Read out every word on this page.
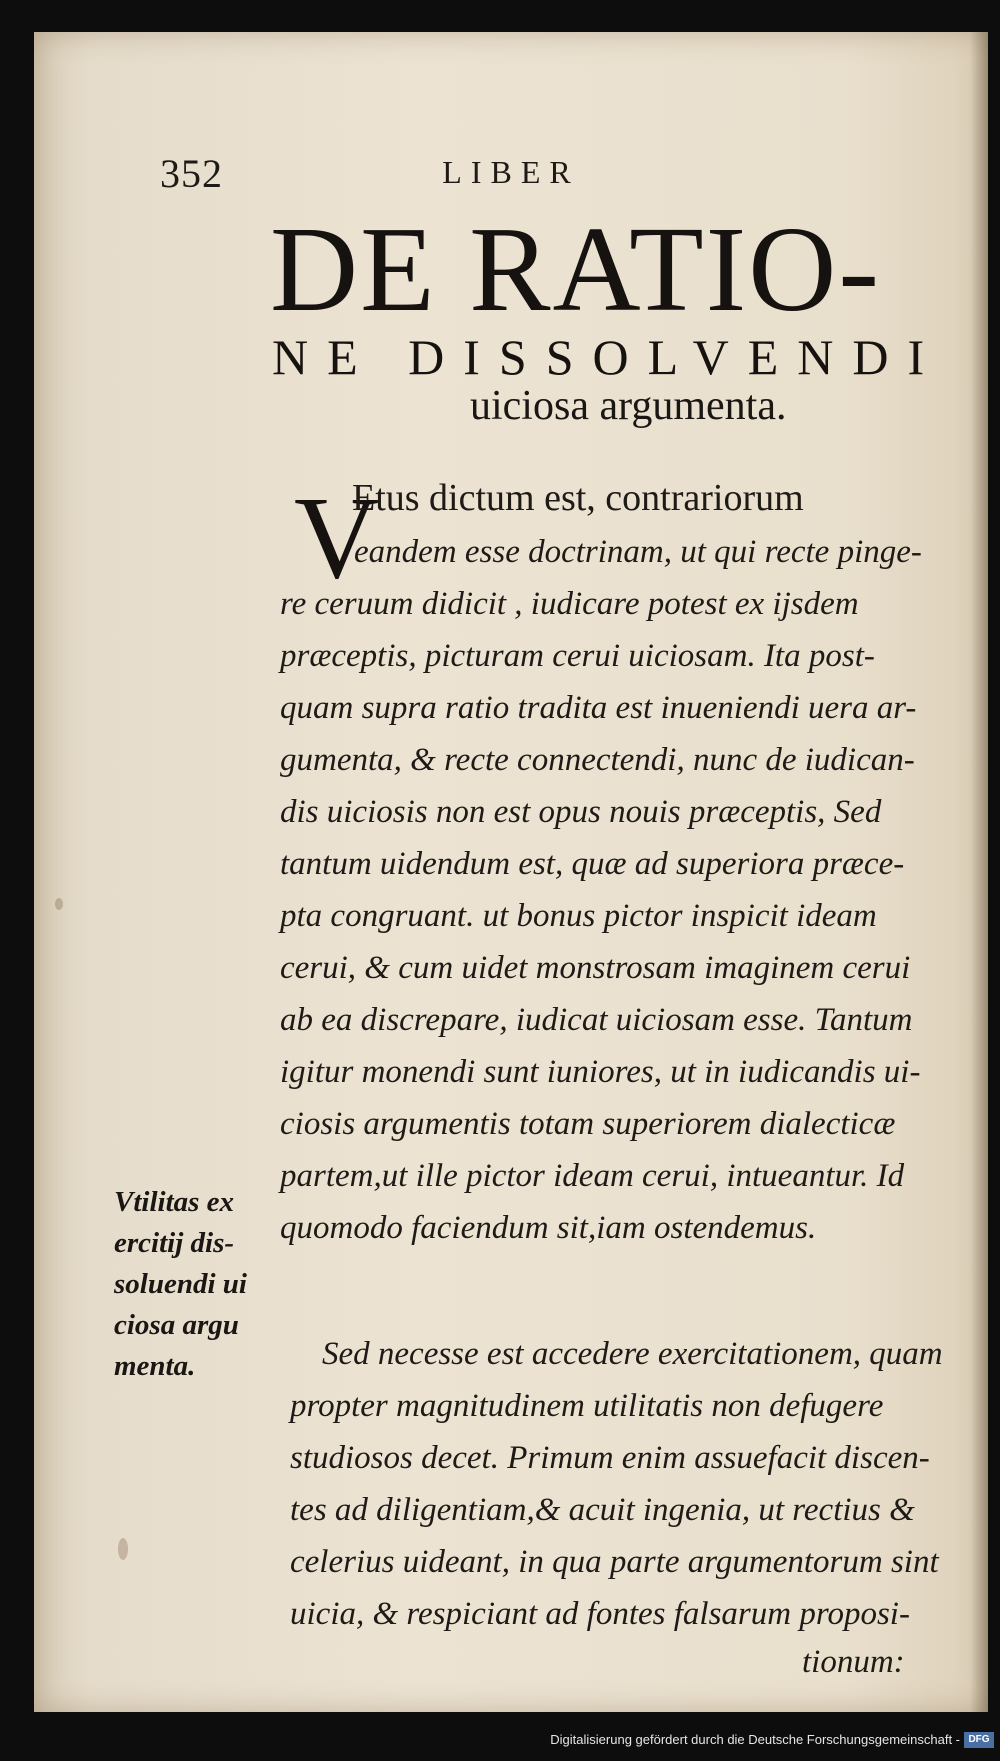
352	LIBER
DE RATIO-
NE DISSOLVENDI
uiciosa argumenta.
V
Etus dictum est, contrariorum
eandem esse doctrinam, ut qui recte pinge-
re ceruum didicit , iudicare potest ex ijsdem
præceptis, picturam cerui uiciosam. Ita post-
quam supra ratio tradita est inueniendi uera ar-
gumenta, & recte connectendi, nunc de iudican-
dis uiciosis non est opus nouis præceptis, Sed
tantum uidendum est, quæ ad superiora præce-
pta congruant. ut bonus pictor inspicit ideam
cerui, & cum uidet monstrosam imaginem cerui
ab ea discrepare, iudicat uiciosam esse. Tantum
igitur monendi sunt iuniores, ut in iudicandis ui-
ciosis argumentis totam superiorem dialecticæ
partem,ut ille pictor ideam cerui, intueantur. Id
quomodo faciendum sit,iam ostendemus.
Sed necesse est accedere exercitationem, quam
propter magnitudinem utilitatis non defugere
studiosos decet. Primum enim assuefacit discen-
tes ad diligentiam,& acuit ingenia, ut rectius &
celerius uideant, in qua parte argumentorum sint
uicia, & respiciant ad fontes falsarum proposi-
tionum:
Vtilitas ex
ercitij dis-
soluendi ui
ciosa argu
menta.
Digitalisierung gefördert durch die Deutsche Forschungsgemeinschaft - DFG
